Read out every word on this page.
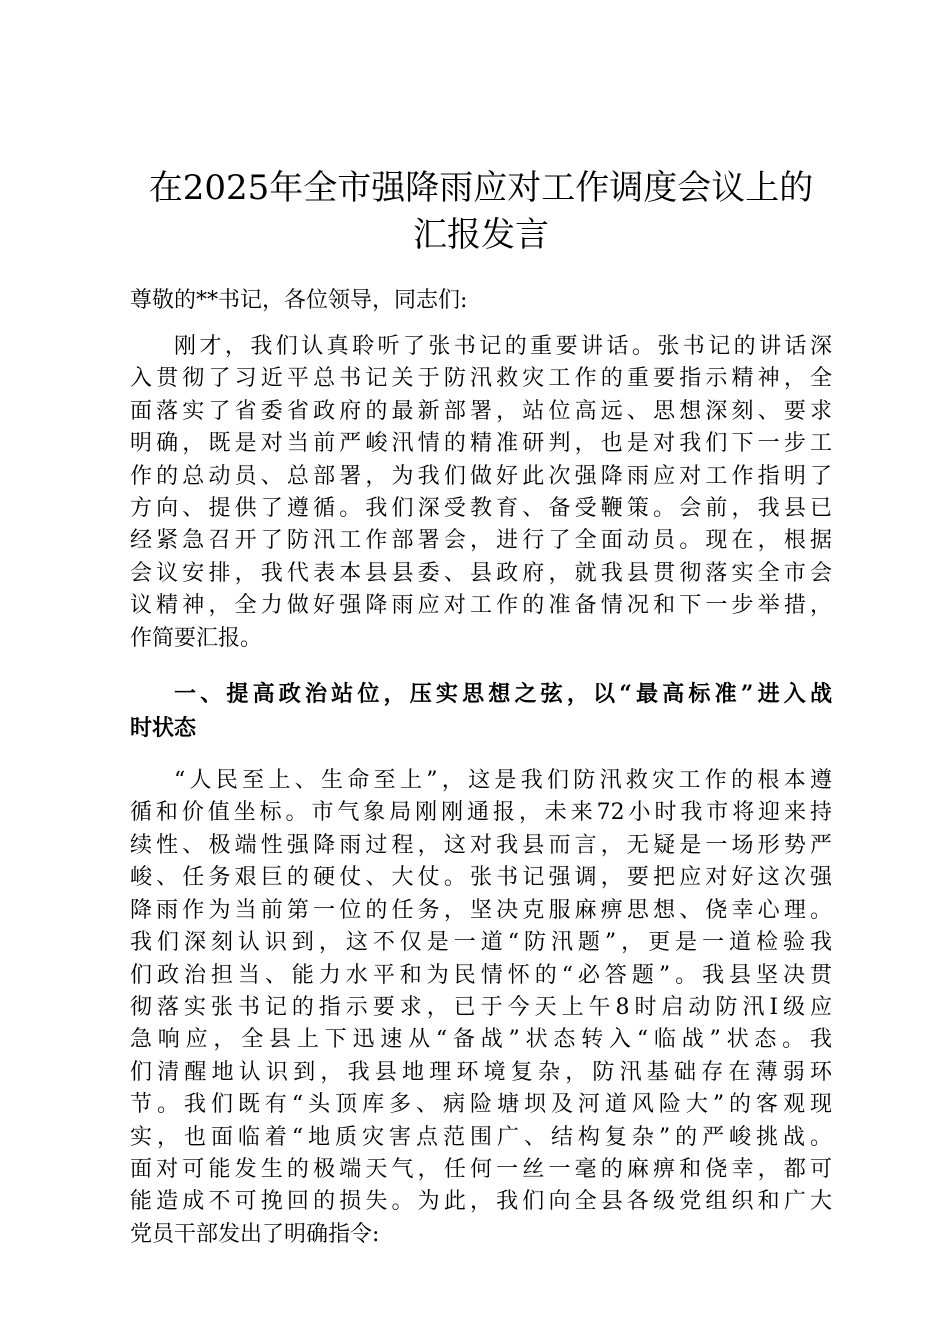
在2025年全市强降雨应对工作调度会议上的
汇报发言

尊敬的**书记，各位领导，同志们:

刚才，我们认真聆听了张书记的重要讲话。张书记的讲话深
入贯彻了习近平总书记关于防汛救灾工作的重要指示精神，全
面落实了省委省政府的最新部署，站位高远、思想深刻、要求
明确，既是对当前严峻汛情的精准研判，也是对我们下一步工
作的总动员、总部署，为我们做好此次强降雨应对工作指明了
方向、提供了遵循。我们深受教育、备受鞭策。会前，我县已
经紧急召开了防汛工作部署会，进行了全面动员。现在，根据
会议安排，我代表本县县委、县政府，就我县贯彻落实全市会
议精神，全力做好强降雨应对工作的准备情况和下一步举措，
作简要汇报。
一、提高政治站位，压实思想之弦，以“最高标准”进入战
时状态
“人民至上、生命至上”，这是我们防汛救灾工作的根本遵
循和价值坐标。市气象局刚刚通报，未来72小时我市将迎来持
续性、极端性强降雨过程，这对我县而言，无疑是一场形势严
峻、任务艰巨的硬仗、大仗。张书记强调，要把应对好这次强
降雨作为当前第一位的任务，坚决克服麻痹思想、侥幸心理。
我们深刻认识到，这不仅是一道“防汛题”，更是一道检验我
们政治担当、能力水平和为民情怀的“必答题”。我县坚决贯
彻落实张书记的指示要求，已于今天上午8时启动防汛Ⅰ级应
急响应，全县上下迅速从“备战”状态转入“临战”状态。我
们清醒地认识到，我县地理环境复杂，防汛基础存在薄弱环
节。我们既有“头顶库多、病险塘坝及河道风险大”的客观现
实，也面临着“地质灾害点范围广、结构复杂”的严峻挑战。
面对可能发生的极端天气，任何一丝一毫的麻痹和侥幸，都可
能造成不可挽回的损失。为此，我们向全县各级党组织和广大
党员干部发出了明确指令:
